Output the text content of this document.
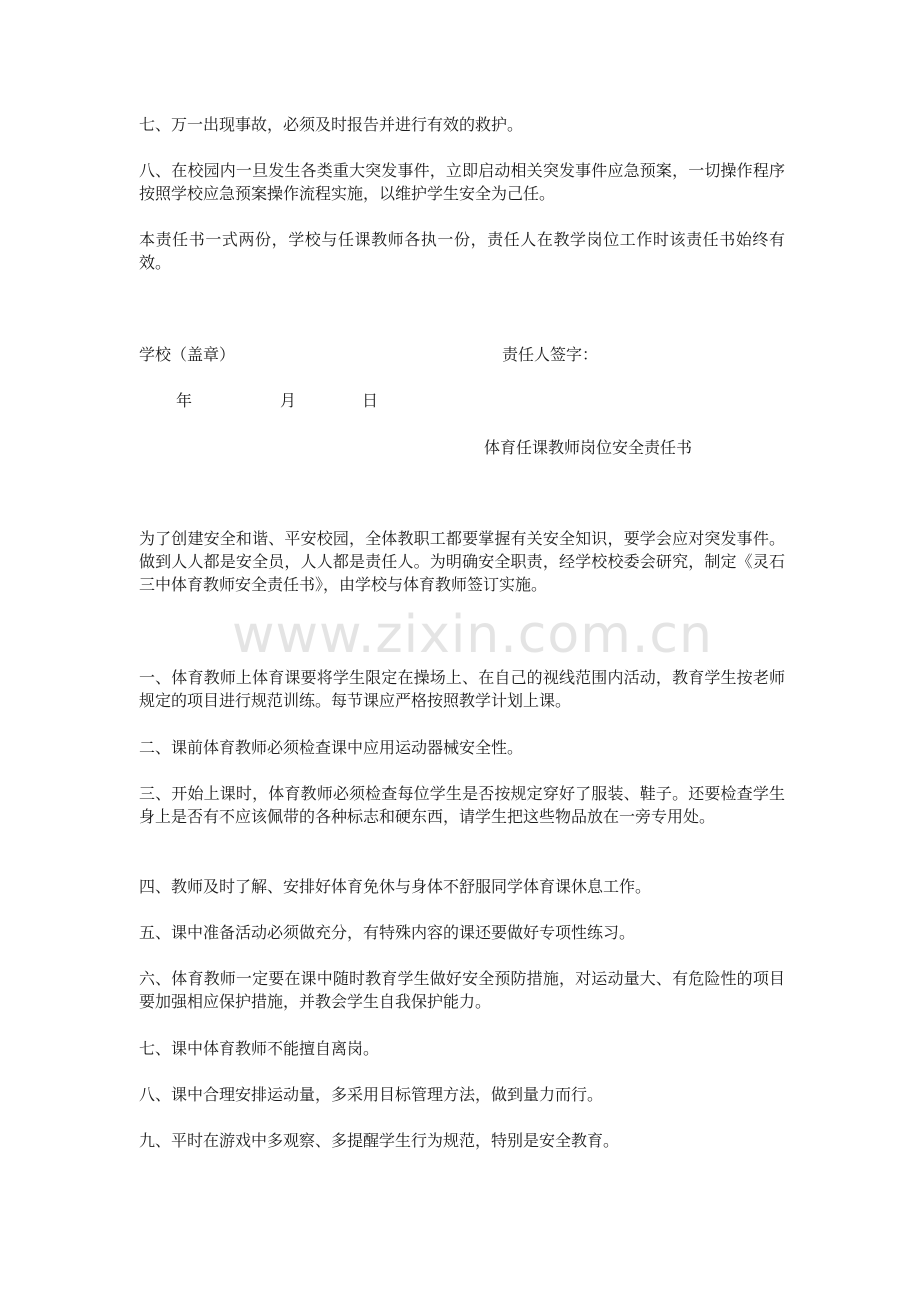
七、万一出现事故，必须及时报告并进行有效的救护。

八、在校园内一旦发生各类重大突发事件，立即启动相关突发事件应急预案，一切操作程序按照学校应急预案操作流程实施，以维护学生安全为己任。

本责任书一式两份，学校与任课教师各执一份，责任人在教学岗位工作时该责任书始终有效。

学校（盖章）	责任人签字：
年	月	日
体育任课教师岗位安全责任书

为了创建安全和谐、平安校园，全体教职工都要掌握有关安全知识，要学会应对突发事件。做到人人都是安全员，人人都是责任人。为明确安全职责，经学校校委会研究，制定《灵石三中体育教师安全责任书》，由学校与体育教师签订实施。

www.zixin.com.cn

一、体育教师上体育课要将学生限定在操场上、在自己的视线范围内活动，教育学生按老师规定的项目进行规范训练。每节课应严格按照教学计划上课。

二、课前体育教师必须检查课中应用运动器械安全性。

三、开始上课时，体育教师必须检查每位学生是否按规定穿好了服装、鞋子。还要检查学生身上是否有不应该佩带的各种标志和硬东西，请学生把这些物品放在一旁专用处。

四、教师及时了解、安排好体育免休与身体不舒服同学体育课休息工作。

五、课中准备活动必须做充分，有特殊内容的课还要做好专项性练习。

六、体育教师一定要在课中随时教育学生做好安全预防措施，对运动量大、有危险性的项目要加强相应保护措施，并教会学生自我保护能力。

七、课中体育教师不能擅自离岗。

八、课中合理安排运动量，多采用目标管理方法，做到量力而行。

九、平时在游戏中多观察、多提醒学生行为规范，特别是安全教育。
